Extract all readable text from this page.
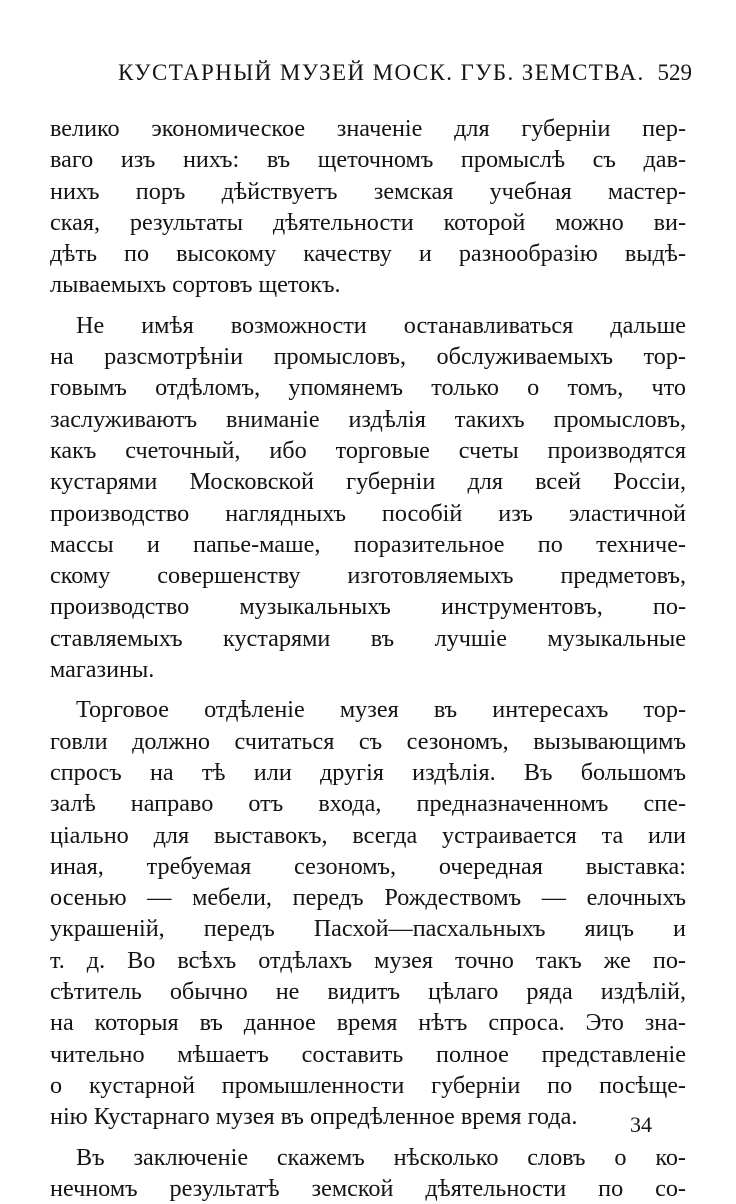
КУСТАРНЫЙ МУЗЕЙ МОСК. ГУБ. ЗЕМСТВА. 529
велико экономическое значенiе для губернiи пер-
ваго изъ нихъ: въ щеточномъ промыслѣ съ дав-
нихъ поръ дѣйствуетъ земская учебная мастер-
ская, результаты дѣятельности которой можно ви-
дѣть по высокому качеству и разнообразiю выдѣ-
лываемыхъ сортовъ щетокъ.
Не имѣя возможности останавливаться дальше
на разсмотрѣнiи промысловъ, обслуживаемыхъ тор-
говымъ отдѣломъ, упомянемъ только о томъ, что
заслуживаютъ вниманiе издѣлiя такихъ промысловъ,
какъ счеточный, ибо торговые счеты производятся
кустарями Московской губернiи для всей Россiи,
производство наглядныхъ пособiй изъ эластичной
массы и папье-маше, поразительное по техниче-
скому совершенству изготовляемыхъ предметовъ,
производство музыкальныхъ инструментовъ, по-
ставляемыхъ кустарями въ лучшiе музыкальные
магазины.
Торговое отдѣленiе музея въ интересахъ тор-
говли должно считаться съ сезономъ, вызывающимъ
спросъ на тѣ или другiя издѣлiя. Въ большомъ
залѣ направо отъ входа, предназначенномъ спе-
цiально для выставокъ, всегда устраивается та или
иная, требуемая сезономъ, очередная выставка:
осенью — мебели, передъ Рождествомъ — елочныхъ
украшенiй, передъ Пасхой—пасхальныхъ яицъ и
т. д. Во всѣхъ отдѣлахъ музея точно такъ же по-
сѣтитель обычно не видитъ цѣлаго ряда издѣлiй,
на которыя въ данное время нѣтъ спроса. Это зна-
чительно мѣшаетъ составить полное представленiе
о кустарной промышленности губернiи по посѣще-
нiю Кустарнаго музея въ опредѣленное время года.
Въ заключенiе скажемъ нѣсколько словъ о ко-
нечномъ результатѣ земской дѣятельности по со-
34
